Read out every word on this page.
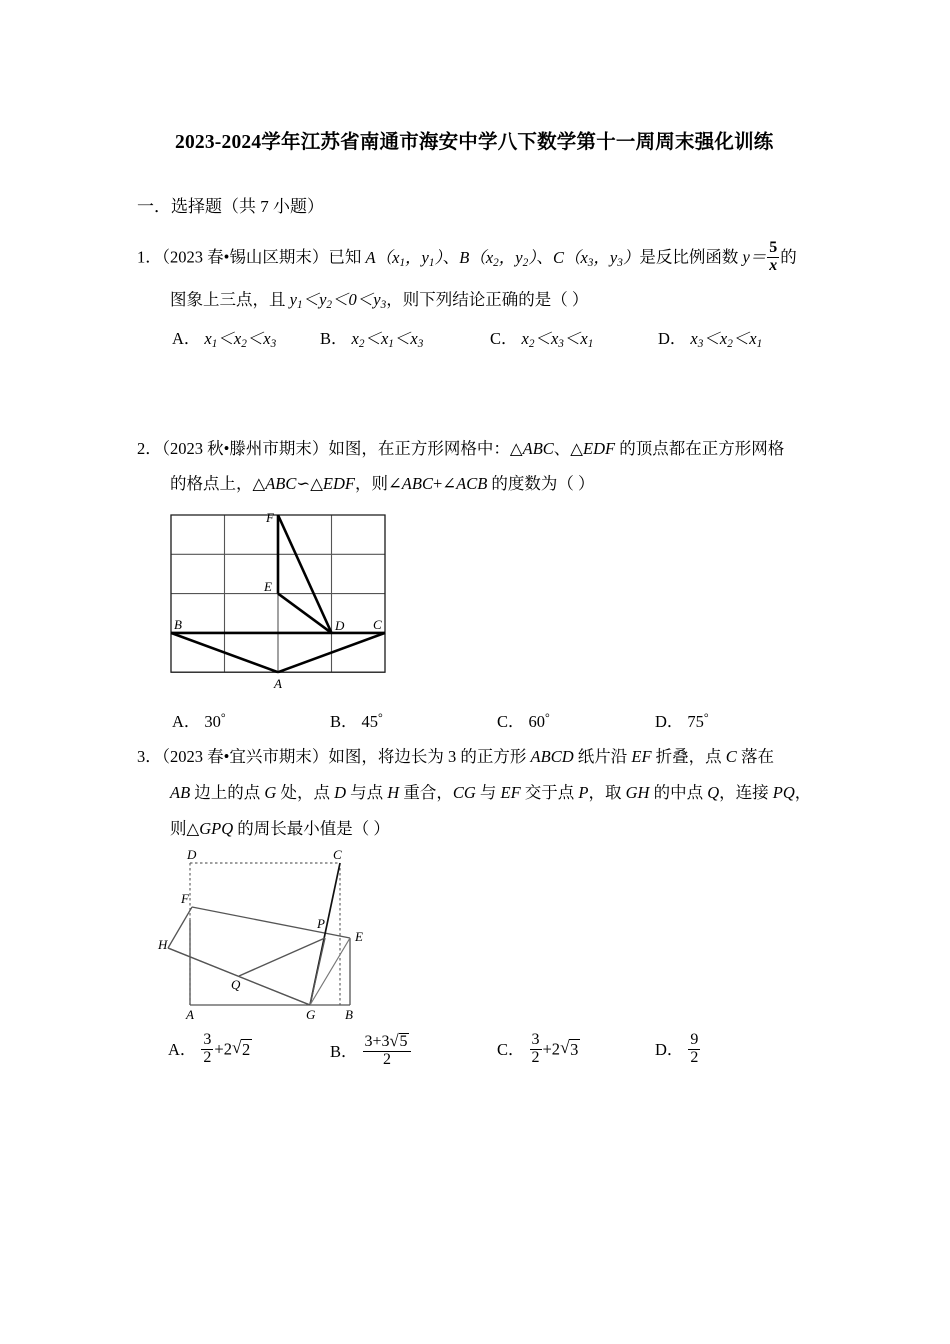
2023-2024学年江苏省南通市海安中学八下数学第十一周周末强化训练
一．选择题（共 7 小题）
1．（2023 春•锡山区期末）已知 $A(x_1$，$y_1$）、$B(x_2$，$y_2$）、$C(x_3$，$y_3$）是反比例函数 $y= \frac{5}{x}$ 的
图象上三点，且 $y_1<y_2<0<y_3$，则下列结论正确的是（ ）
A． $x_1<x_2<x_3$	B． $x_2<x_1<x_3$	C． $x_2<x_3<x_1$	D． $x_3<x_2<x_1$
2．（2023 秋•滕州市期末）如图，在正方形网格中：△ABC、△EDF 的顶点都在正方形网格
的格点上，△ABC∽△EDF，则∠ABC+∠ACB 的度数为（ ）
F
E
D
B	C
A
A． 30°	B． 45°	C． 60°	D． 75°
3．（2023 春•宜兴市期末）如图，将边长为 3 的正方形 ABCD 纸片沿 EF 折叠，点 C 落在
AB 边上的点 G 处，点 D 与点 H 重合，CG 与 EF 交于点 P，取 GH 的中点 Q，连接 PQ，
则△GPQ 的周长最小值是（ ）
D	C
F
H
P
E
Q
A	G B
A． $\frac{3}{2} +2$ √ 2	B． $\frac{3+3 √ 5}{2}$	C． $\frac{3}{2} +2$ √ 3	D． $\frac{9}{2}$
